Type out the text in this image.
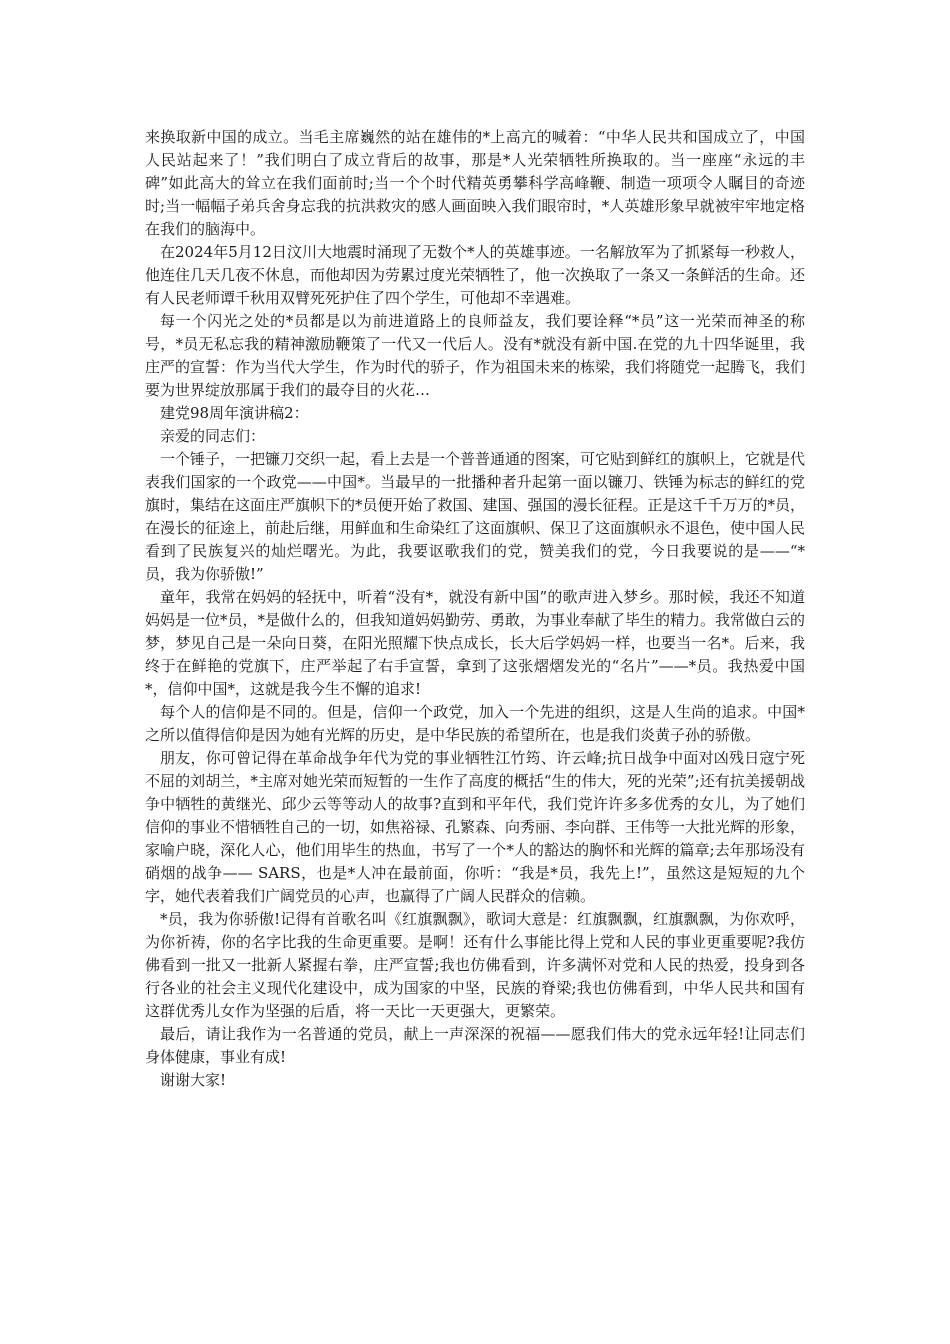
来换取新中国的成立。当毛主席巍然的站在雄伟的*上高亢的喊着：“中华人民共和国成立了，中国人民站起来了！”我们明白了成立背后的故事，那是*人光荣牺牲所换取的。当一座座“永远的丰碑”如此高大的耸立在我们面前时;当一个个时代精英勇攀科学高峰鞭、制造一项项令人瞩目的奇迹时;当一幅幅子弟兵舍身忘我的抗洪救灾的感人画面映入我们眼帘时，*人英雄形象早就被牢牢地定格在我们的脑海中。

在2024年5月12日汶川大地震时涌现了无数个*人的英雄事迹。一名解放军为了抓紧每一秒救人，他连住几天几夜不休息，而他却因为劳累过度光荣牺牲了，他一次换取了一条又一条鲜活的生命。还有人民老师谭千秋用双臂死死护住了四个学生，可他却不幸遇难。

每一个闪光之处的*员都是以为前进道路上的良师益友，我们要诠释“*员”这一光荣而神圣的称号，*员无私忘我的精神激励鞭策了一代又一代后人。没有*就没有新中国.在党的九十四华诞里，我庄严的宣誓：作为当代大学生，作为时代的骄子，作为祖国未来的栋梁，我们将随党一起腾飞，我们要为世界绽放那属于我们的最夺目的火花…

建党98周年演讲稿2：

亲爱的同志们：

一个锤子，一把镰刀交织一起，看上去是一个普普通通的图案，可它贴到鲜红的旗帜上，它就是代表我们国家的一个政党——中国*。当最早的一批播种者升起第一面以镰刀、铁锤为标志的鲜红的党旗时，集结在这面庄严旗帜下的*员便开始了救国、建国、强国的漫长征程。正是这千千万万的*员，在漫长的征途上，前赴后继，用鲜血和生命染红了这面旗帜、保卫了这面旗帜永不退色，使中国人民看到了民族复兴的灿烂曙光。为此，我要讴歌我们的党，赞美我们的党，今日我要说的是——“*员，我为你骄傲!”

童年，我常在妈妈的轻抚中，听着“没有*，就没有新中国”的歌声进入梦乡。那时候，我还不知道妈妈是一位*员，*是做什么的，但我知道妈妈勤劳、勇敢，为事业奉献了毕生的精力。我常做白云的梦，梦见自己是一朵向日葵，在阳光照耀下快点成长，长大后学妈妈一样，也要当一名*。后来，我终于在鲜艳的党旗下，庄严举起了右手宣誓，拿到了这张熠熠发光的“名片”——*员。我热爱中国*，信仰中国*，这就是我今生不懈的追求!

每个人的信仰是不同的。但是，信仰一个政党，加入一个先进的组织，这是人生尚的追求。中国*之所以值得信仰是因为她有光辉的历史，是中华民族的希望所在，也是我们炎黄子孙的骄傲。

朋友，你可曾记得在革命战争年代为党的事业牺牲江竹筠、许云峰;抗日战争中面对凶残日寇宁死不屈的刘胡兰，*主席对她光荣而短暂的一生作了高度的概括“生的伟大，死的光荣”;还有抗美援朝战争中牺牲的黄继光、邱少云等等动人的故事?直到和平年代，我们党许许多多优秀的女儿，为了她们信仰的事业不惜牺牲自己的一切，如焦裕禄、孔繁森、向秀丽、李向群、王伟等一大批光辉的形象，家喻户晓，深化人心，他们用毕生的热血，书写了一个*人的豁达的胸怀和光辉的篇章;去年那场没有硝烟的战争—— SARS，也是*人冲在最前面，你听：“我是*员，我先上!”，虽然这是短短的九个字，她代表着我们广阔党员的心声，也赢得了广阔人民群众的信赖。

*员，我为你骄傲!记得有首歌名叫《红旗飘飘》，歌词大意是：红旗飘飘，红旗飘飘，为你欢呼，为你祈祷，你的名字比我的生命更重要。是啊！还有什么事能比得上党和人民的事业更重要呢?我仿佛看到一批又一批新人紧握右拳，庄严宣誓;我也仿佛看到，许多满怀对党和人民的热爱，投身到各行各业的社会主义现代化建设中，成为国家的中坚，民族的脊梁;我也仿佛看到，中华人民共和国有这群优秀儿女作为坚强的后盾，将一天比一天更强大，更繁荣。

最后，请让我作为一名普通的党员，献上一声深深的祝福——愿我们伟大的党永远年轻!让同志们身体健康，事业有成!

谢谢大家!
